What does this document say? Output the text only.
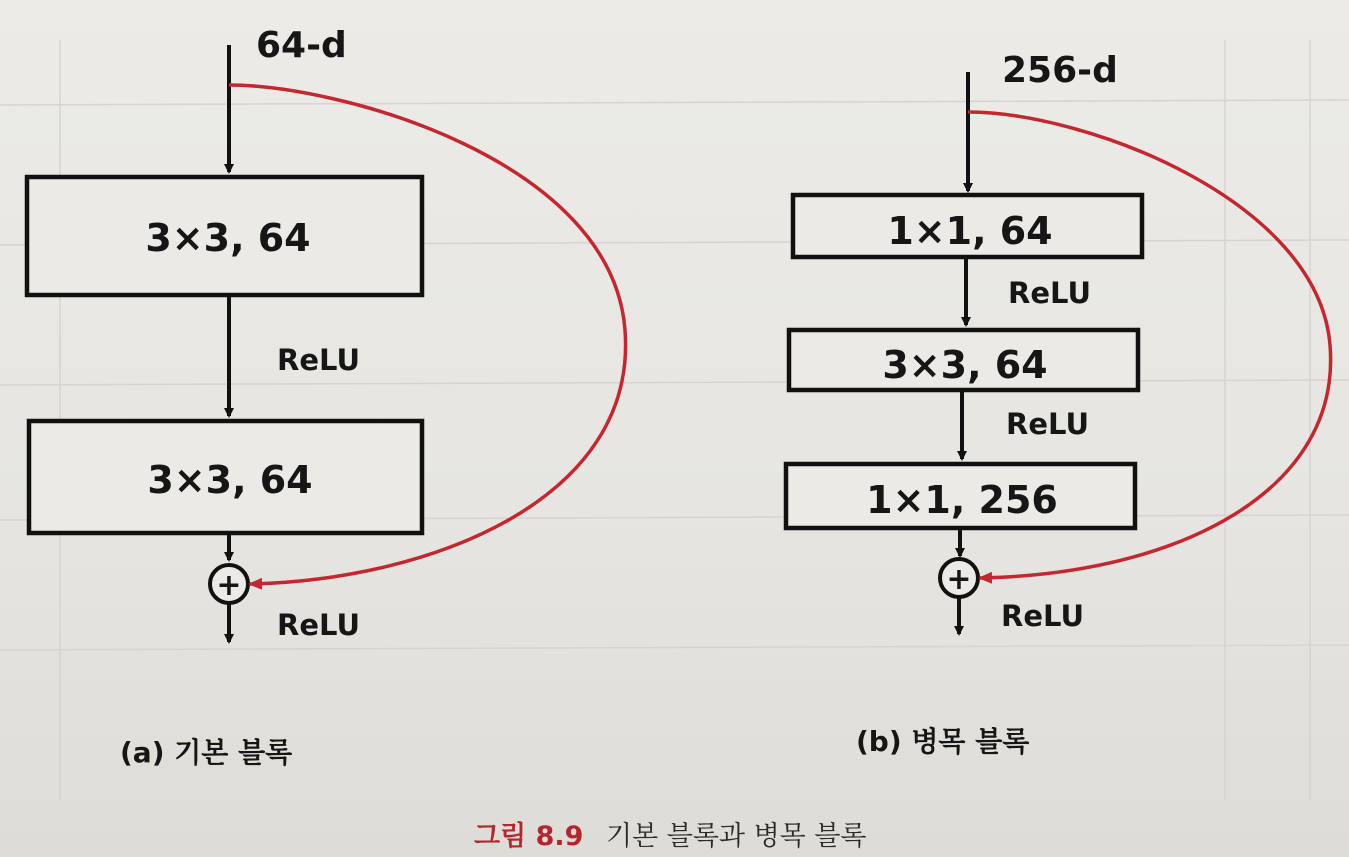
64-d
3×3, 64
ReLU
3×3, 64
+
ReLU
(a) 기본 블록
256-d
1×1, 64
ReLU
3×3, 64
ReLU
1×1, 256
+
ReLU
(b) 병목 블록
그림 8.9 기본 블록과 병목 블록
